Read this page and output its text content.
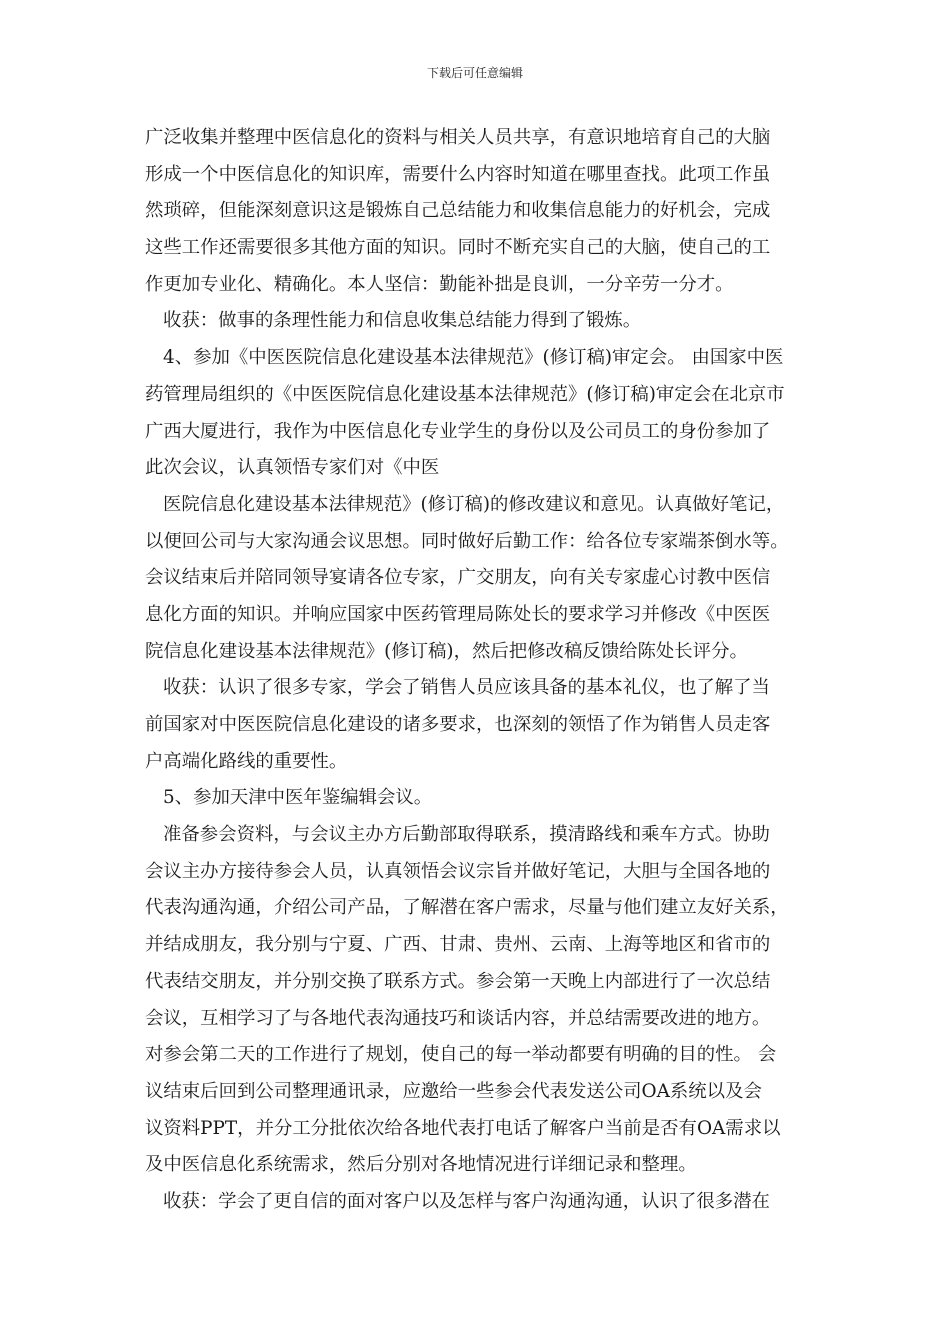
下载后可任意编辑
广泛收集并整理中医信息化的资料与相关人员共享，有意识地培育自己的大脑
形成一个中医信息化的知识库，需要什么内容时知道在哪里查找。此项工作虽
然琐碎，但能深刻意识这是锻炼自己总结能力和收集信息能力的好机会，完成
这些工作还需要很多其他方面的知识。同时不断充实自己的大脑，使自己的工
作更加专业化、精确化。本人坚信：勤能补拙是良训，一分辛劳一分才。
收获：做事的条理性能力和信息收集总结能力得到了锻炼。
4、参加《中医医院信息化建设基本法律规范》(修订稿)审定会。 由国家中医
药管理局组织的《中医医院信息化建设基本法律规范》(修订稿)审定会在北京市
广西大厦进行，我作为中医信息化专业学生的身份以及公司员工的身份参加了
此次会议，认真领悟专家们对《中医
医院信息化建设基本法律规范》(修订稿)的修改建议和意见。认真做好笔记，
以便回公司与大家沟通会议思想。同时做好后勤工作：给各位专家端茶倒水等。
会议结束后并陪同领导宴请各位专家，广交朋友，向有关专家虚心讨教中医信
息化方面的知识。并响应国家中医药管理局陈处长的要求学习并修改《中医医
院信息化建设基本法律规范》(修订稿)，然后把修改稿反馈给陈处长评分。
收获：认识了很多专家，学会了销售人员应该具备的基本礼仪，也了解了当
前国家对中医医院信息化建设的诸多要求，也深刻的领悟了作为销售人员走客
户高端化路线的重要性。
5、参加天津中医年鉴编辑会议。
准备参会资料，与会议主办方后勤部取得联系，摸清路线和乘车方式。协助
会议主办方接待参会人员，认真领悟会议宗旨并做好笔记，大胆与全国各地的
代表沟通沟通，介绍公司产品，了解潜在客户需求，尽量与他们建立友好关系，
并结成朋友，我分别与宁夏、广西、甘肃、贵州、云南、上海等地区和省市的
代表结交朋友，并分别交换了联系方式。参会第一天晚上内部进行了一次总结
会议，互相学习了与各地代表沟通技巧和谈话内容，并总结需要改进的地方。
对参会第二天的工作进行了规划，使自己的每一举动都要有明确的目的性。 会
议结束后回到公司整理通讯录，应邀给一些参会代表发送公司OA系统以及会
议资料PPT，并分工分批依次给各地代表打电话了解客户当前是否有OA需求以
及中医信息化系统需求，然后分别对各地情况进行详细记录和整理。
收获：学会了更自信的面对客户以及怎样与客户沟通沟通，认识了很多潜在
